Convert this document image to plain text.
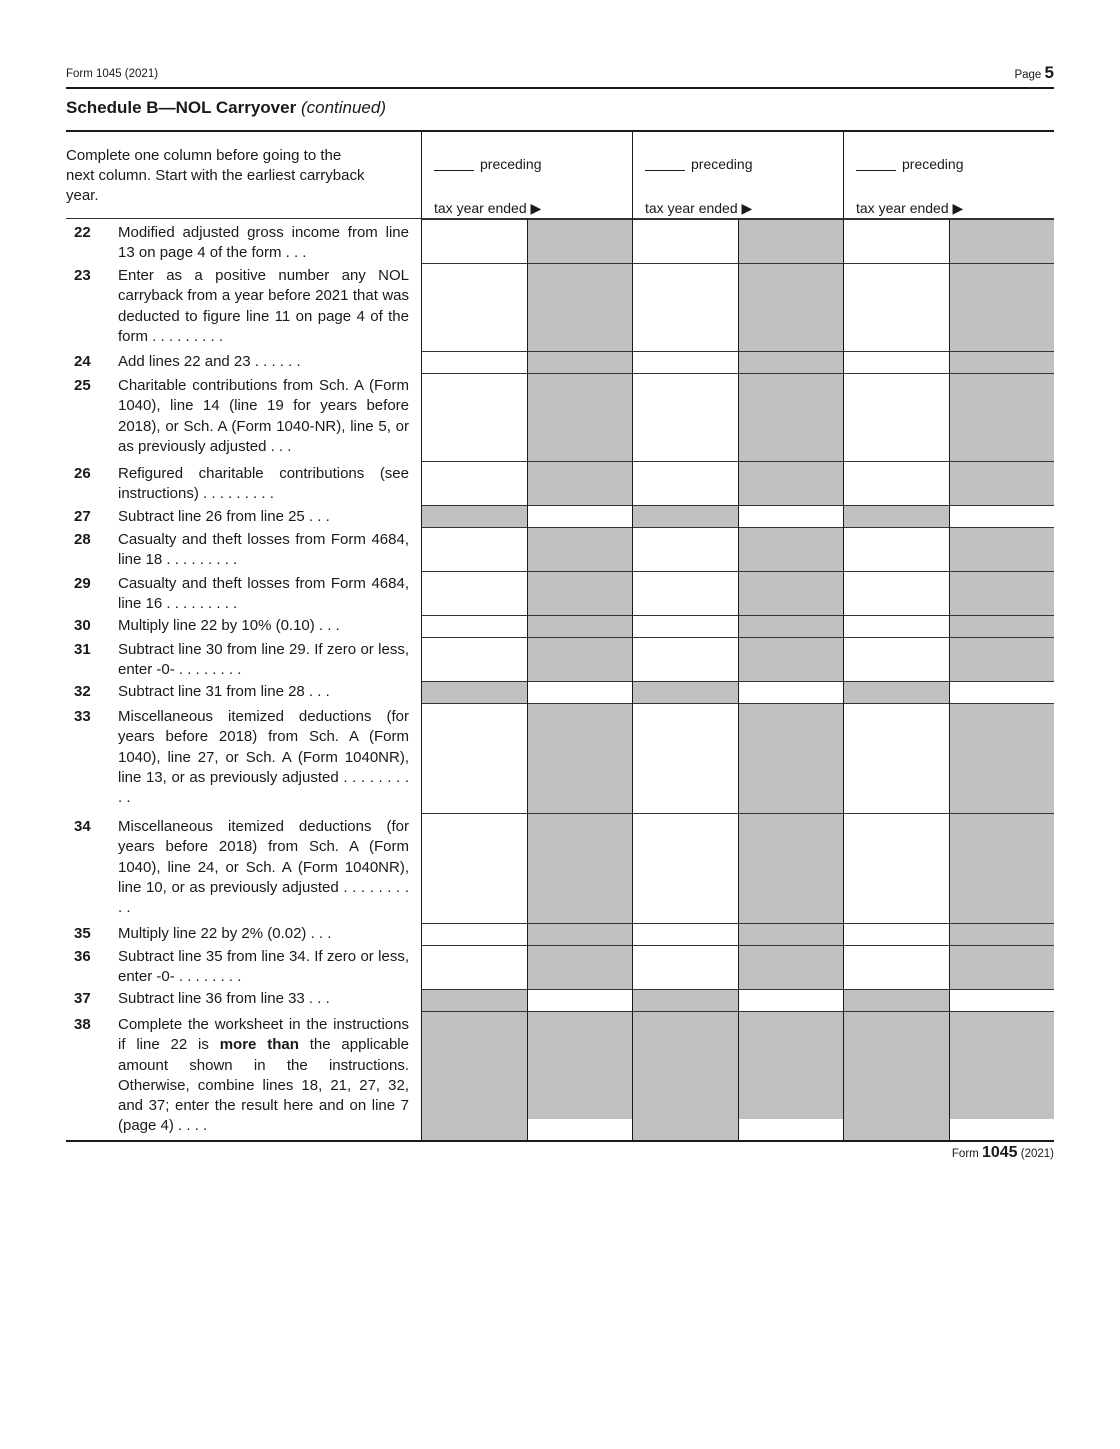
Form 1045 (2021)	Page 5
Schedule B—NOL Carryover (continued)
Complete one column before going to the next column. Start with the earliest carryback year.
preceding
tax year ended ▶
preceding
tax year ended ▶
preceding
tax year ended ▶
22 Modified adjusted gross income from line 13 on page 4 of the form . . .
23 Enter as a positive number any NOL carryback from a year before 2021 that was deducted to figure line 11 on page 4 of the form . . . . . . . . .
24 Add lines 22 and 23 . . . . . .
25 Charitable contributions from Sch. A (Form 1040), line 14 (line 19 for years before 2018), or Sch. A (Form 1040-NR), line 5, or as previously adjusted . . .
26 Refigured charitable contributions (see instructions) . . . . . . . . .
27 Subtract line 26 from line 25 . . .
28 Casualty and theft losses from Form 4684, line 18 . . . . . . . . .
29 Casualty and theft losses from Form 4684, line 16 . . . . . . . . .
30 Multiply line 22 by 10% (0.10) . . .
31 Subtract line 30 from line 29. If zero or less, enter -0- . . . . . . . .
32 Subtract line 31 from line 28 . . .
33 Miscellaneous itemized deductions (for years before 2018) from Sch. A (Form 1040), line 27, or Sch. A (Form 1040NR), line 13, or as previously adjusted . . . . . . . . . .
34 Miscellaneous itemized deductions (for years before 2018) from Sch. A (Form 1040), line 24, or Sch. A (Form 1040NR), line 10, or as previously adjusted . . . . . . . . . .
35 Multiply line 22 by 2% (0.02) . . .
36 Subtract line 35 from line 34. If zero or less, enter -0- . . . . . . . .
37 Subtract line 36 from line 33 . . .
38 Complete the worksheet in the instructions if line 22 is more than the applicable amount shown in the instructions. Otherwise, combine lines 18, 21, 27, 32, and 37; enter the result here and on line 7 (page 4) . . . .
Form 1045 (2021)
